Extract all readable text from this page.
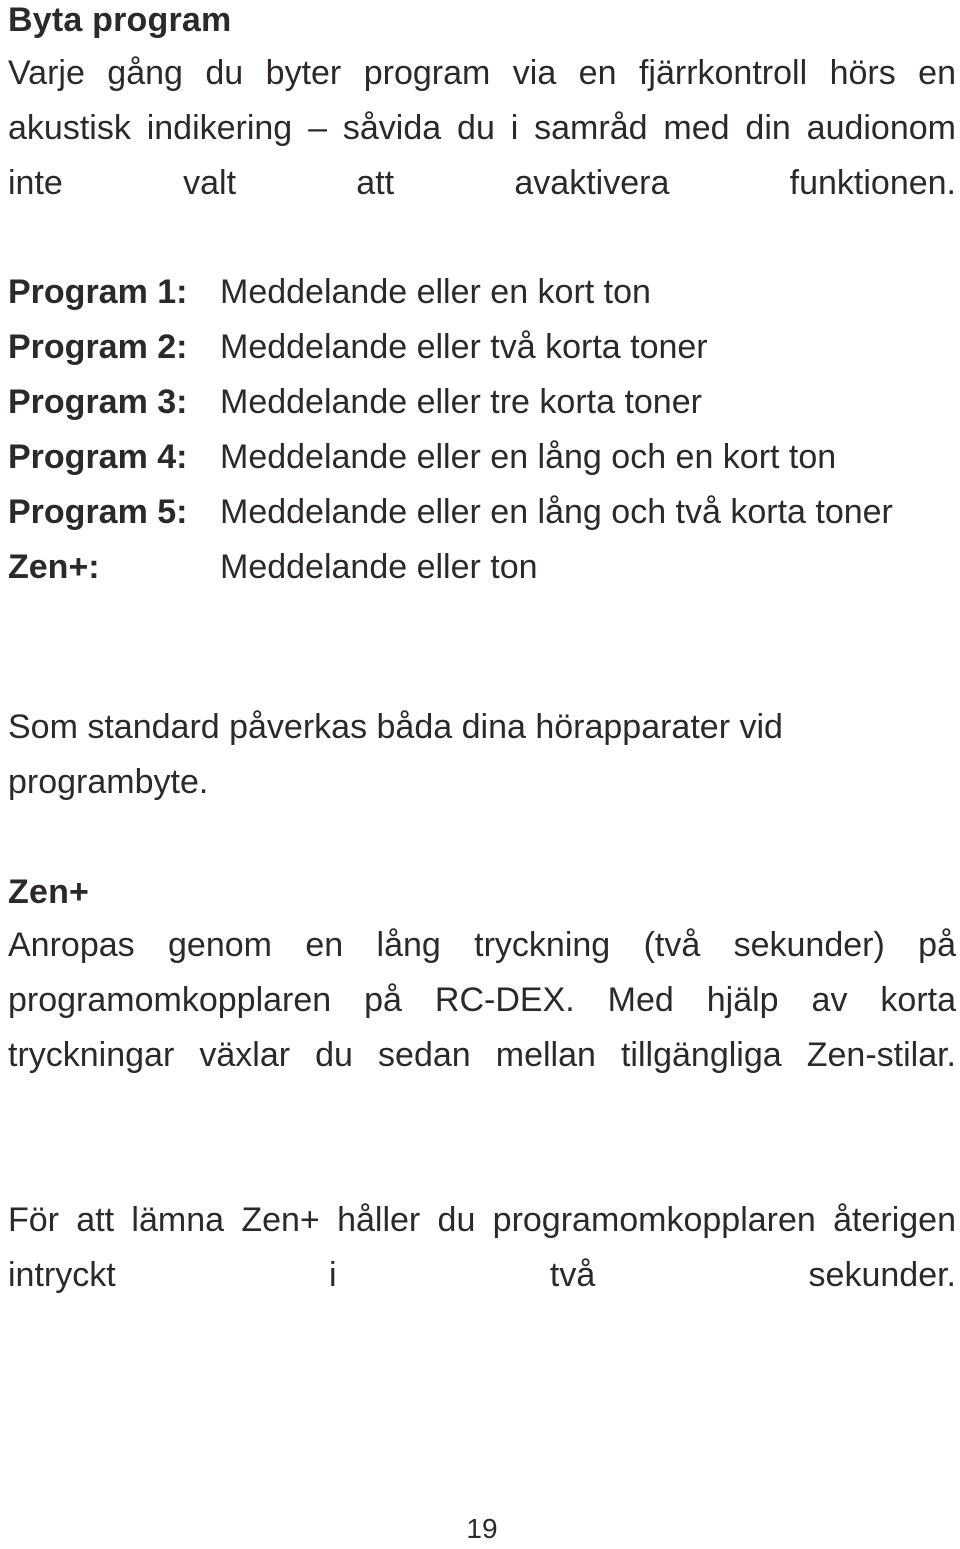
Byta program

Varje gång du byter program via en fjärrkontroll hörs en akustisk indikering – såvida du i samråd med din audionom inte valt att avaktivera funktionen.

Program 1: Meddelande eller en kort ton
Program 2: Meddelande eller två korta toner
Program 3: Meddelande eller tre korta toner
Program 4: Meddelande eller en lång och en kort ton
Program 5: Meddelande eller en lång och två korta toner
Zen+:	Meddelande eller ton

Som standard påverkas båda dina hörapparater vid programbyte.

Zen+

Anropas genom en lång tryckning (två sekunder) på programomkopplaren på RC-DEX. Med hjälp av korta tryckningar växlar du sedan mellan tillgängliga Zen-stilar.

För att lämna Zen+ håller du programomkopplaren återigen intryckt i två sekunder.

19
